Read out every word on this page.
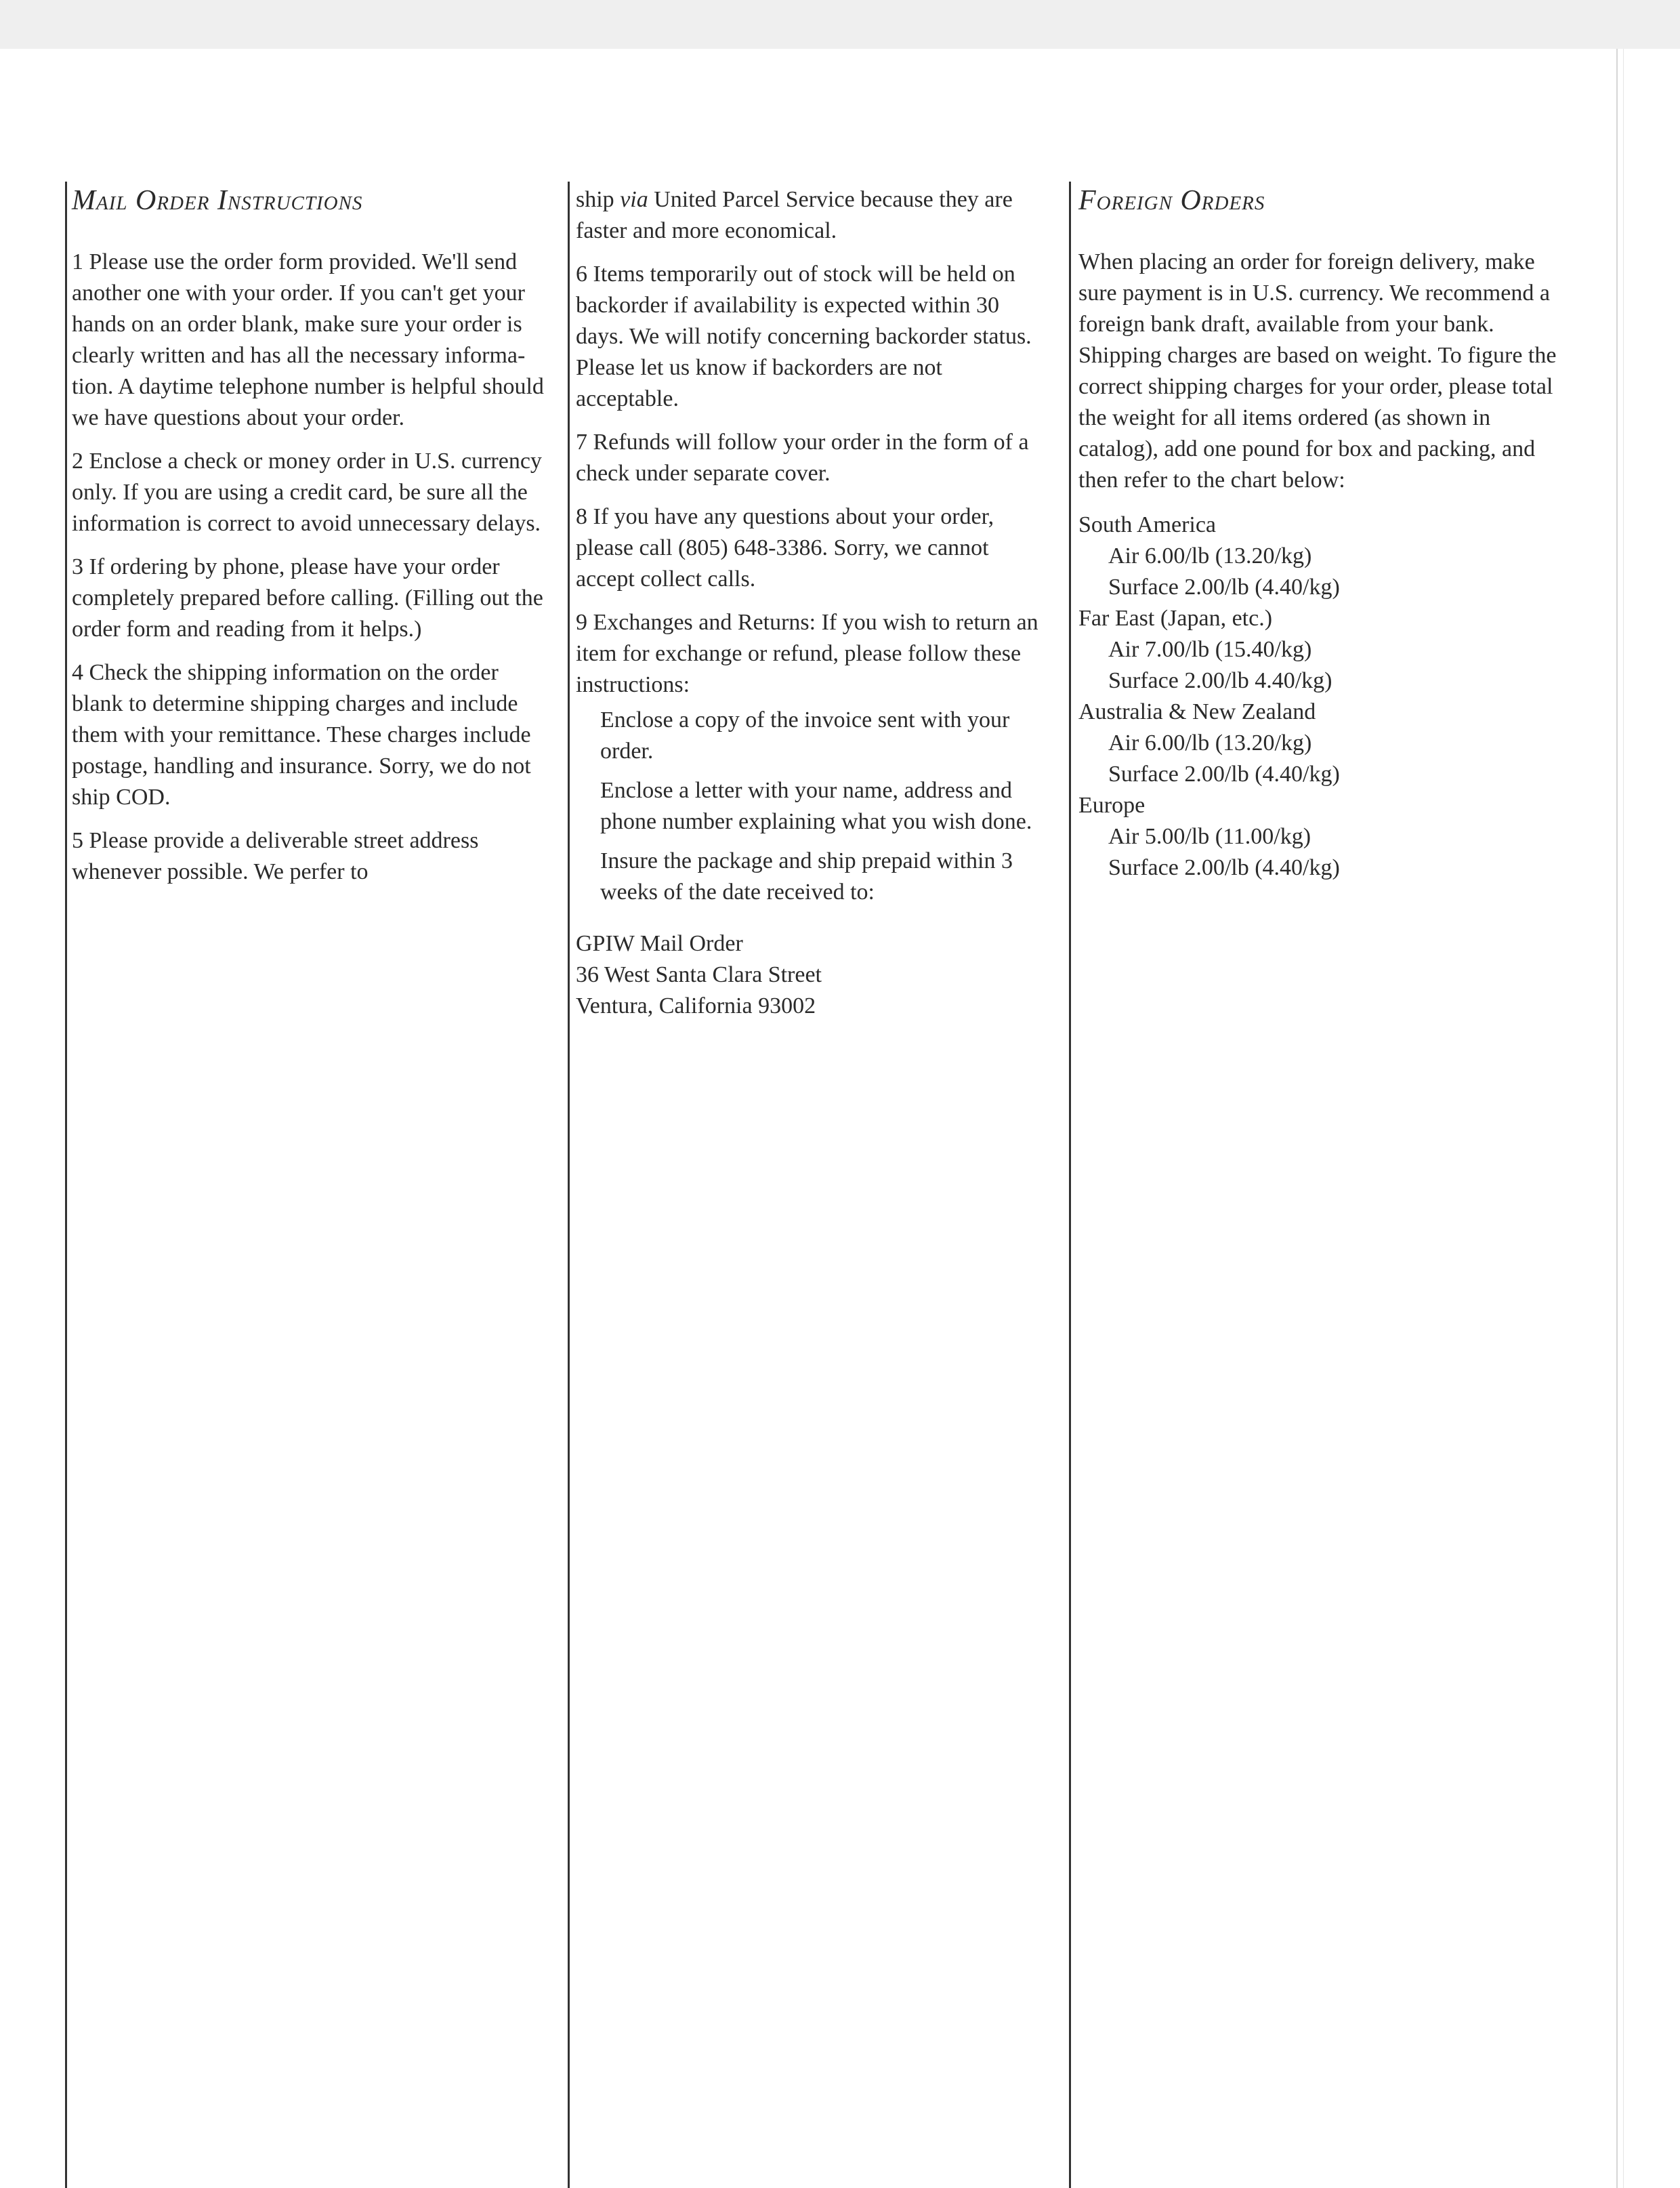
Mail Order Instructions

1 Please use the order form provided. We'll send another one with your order. If you can't get your hands on an order blank, make sure your order is clearly written and has all the necessary informa-tion. A daytime telephone number is helpful should we have questions about your order.

2 Enclose a check or money order in U.S. currency only. If you are using a credit card, be sure all the information is correct to avoid unnecessary delays.

3 If ordering by phone, please have your order completely prepared before calling. (Filling out the order form and reading from it helps.)

4 Check the shipping information on the order blank to determine shipping charges and include them with your remittance. These charges include postage, handling and insurance. Sorry, we do not ship COD.

5 Please provide a deliverable street address whenever possible. We perfer to

ship via United Parcel Service because they are faster and more economical.

6 Items temporarily out of stock will be held on backorder if availability is expected within 30 days. We will notify concerning backorder status. Please let us know if backorders are not acceptable.

7 Refunds will follow your order in the form of a check under separate cover.

8 If you have any questions about your order, please call (805) 648-3386. Sorry, we cannot accept collect calls.

9 Exchanges and Returns: If you wish to return an item for exchange or refund, please follow these instructions:

Enclose a copy of the invoice sent with your order.

Enclose a letter with your name, address and phone number explaining what you wish done.

Insure the package and ship prepaid within 3 weeks of the date received to:

GPIW Mail Order

36 West Santa Clara Street

Ventura, California 93002

Foreign Orders

When placing an order for foreign delivery, make sure payment is in U.S. currency. We recommend a foreign bank draft, available from your bank. Shipping charges are based on weight. To figure the correct shipping charges for your order, please total the weight for all items ordered (as shown in catalog), add one pound for box and packing, and then refer to the chart below:

South America

Air 6.00/lb (13.20/kg)

Surface 2.00/lb (4.40/kg)

Far East (Japan, etc.)

Air 7.00/lb (15.40/kg)

Surface 2.00/lb 4.40/kg)

Australia & New Zealand

Air 6.00/lb (13.20/kg)

Surface 2.00/lb (4.40/kg)

Europe

Air 5.00/lb (11.00/kg)

Surface 2.00/lb (4.40/kg)
